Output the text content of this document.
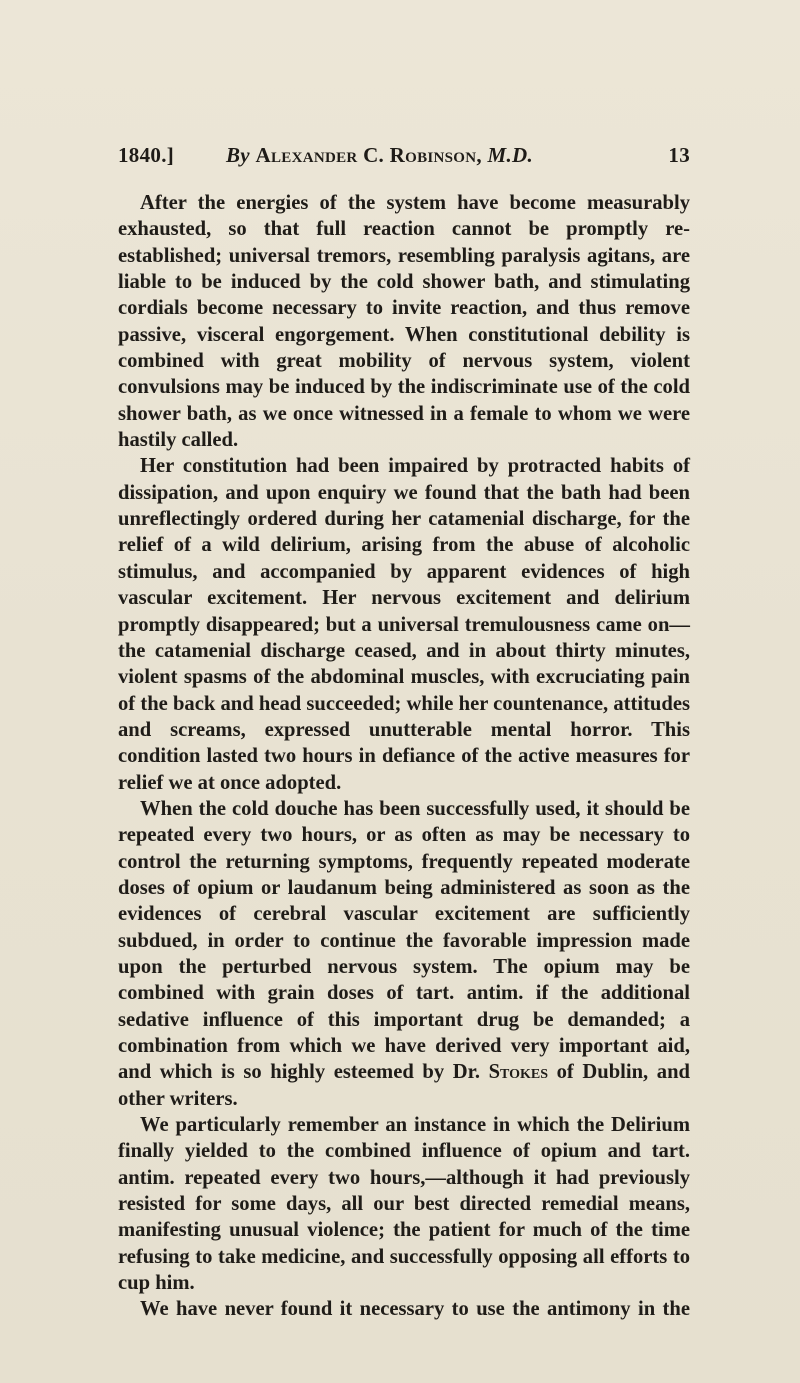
1840.] By Alexander C. Robinson, M.D.	13

After the energies of the system have become measurably exhausted, so that full reaction cannot be promptly re-established; universal tremors, resembling paralysis agitans, are liable to be induced by the cold shower bath, and stimulating cordials become necessary to invite reaction, and thus remove passive, visceral engorgement. When constitutional debility is combined with great mobility of nervous system, violent convulsions may be induced by the indiscriminate use of the cold shower bath, as we once witnessed in a female to whom we were hastily called.

Her constitution had been impaired by protracted habits of dissipation, and upon enquiry we found that the bath had been unreflectingly ordered during her catamenial discharge, for the relief of a wild delirium, arising from the abuse of alcoholic stimulus, and accompanied by apparent evidences of high vascular excitement. Her nervous excitement and delirium promptly disappeared; but a universal tremulousness came on—the catamenial discharge ceased, and in about thirty minutes, violent spasms of the abdominal muscles, with excruciating pain of the back and head succeeded; while her countenance, attitudes and screams, expressed unutterable mental horror. This condition lasted two hours in defiance of the active measures for relief we at once adopted.

When the cold douche has been successfully used, it should be repeated every two hours, or as often as may be necessary to control the returning symptoms, frequently repeated moderate doses of opium or laudanum being administered as soon as the evidences of cerebral vascular excitement are sufficiently subdued, in order to continue the favorable impression made upon the perturbed nervous system. The opium may be combined with grain doses of tart. antim. if the additional sedative influence of this important drug be demanded; a combination from which we have derived very important aid, and which is so highly esteemed by Dr. Stokes of Dublin, and other writers.

We particularly remember an instance in which the Delirium finally yielded to the combined influence of opium and tart. antim. repeated every two hours,—although it had previously resisted for some days, all our best directed remedial means, manifesting unusual violence; the patient for much of the time refusing to take medicine, and successfully opposing all efforts to cup him.

We have never found it necessary to use the antimony in the
